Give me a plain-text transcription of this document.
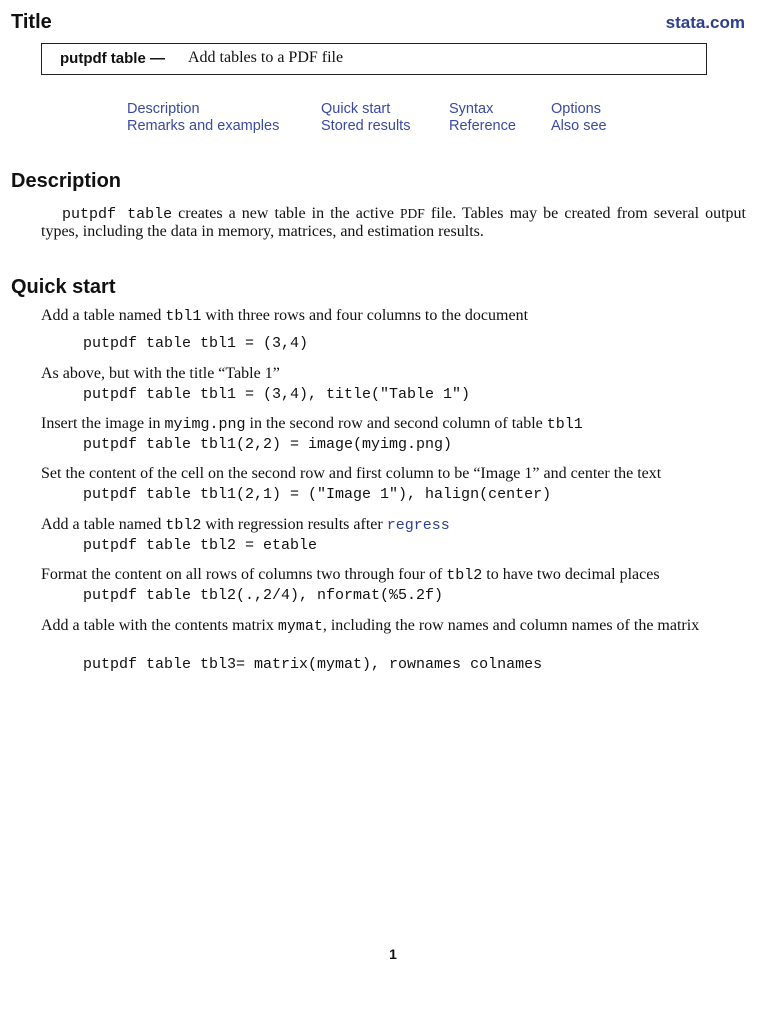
Title	stata.com
putpdf table — Add tables to a PDF file
Description
Remarks and examples
Quick start
Stored results
Syntax
Reference
Options
Also see
Description
putpdf table creates a new table in the active PDF file. Tables may be created from several output types, including the data in memory, matrices, and estimation results.
Quick start
Add a table named tbl1 with three rows and four columns to the document
putpdf table tbl1 = (3,4)
As above, but with the title “Table 1”
putpdf table tbl1 = (3,4), title("Table 1")
Insert the image in myimg.png in the second row and second column of table tbl1
putpdf table tbl1(2,2) = image(myimg.png)
Set the content of the cell on the second row and first column to be “Image 1” and center the text
putpdf table tbl1(2,1) = ("Image 1"), halign(center)
Add a table named tbl2 with regression results after regress
putpdf table tbl2 = etable
Format the content on all rows of columns two through four of tbl2 to have two decimal places
putpdf table tbl2(.,2/4), nformat(%5.2f)
Add a table with the contents matrix mymat, including the row names and column names of the matrix
putpdf table tbl3= matrix(mymat), rownames colnames
1
